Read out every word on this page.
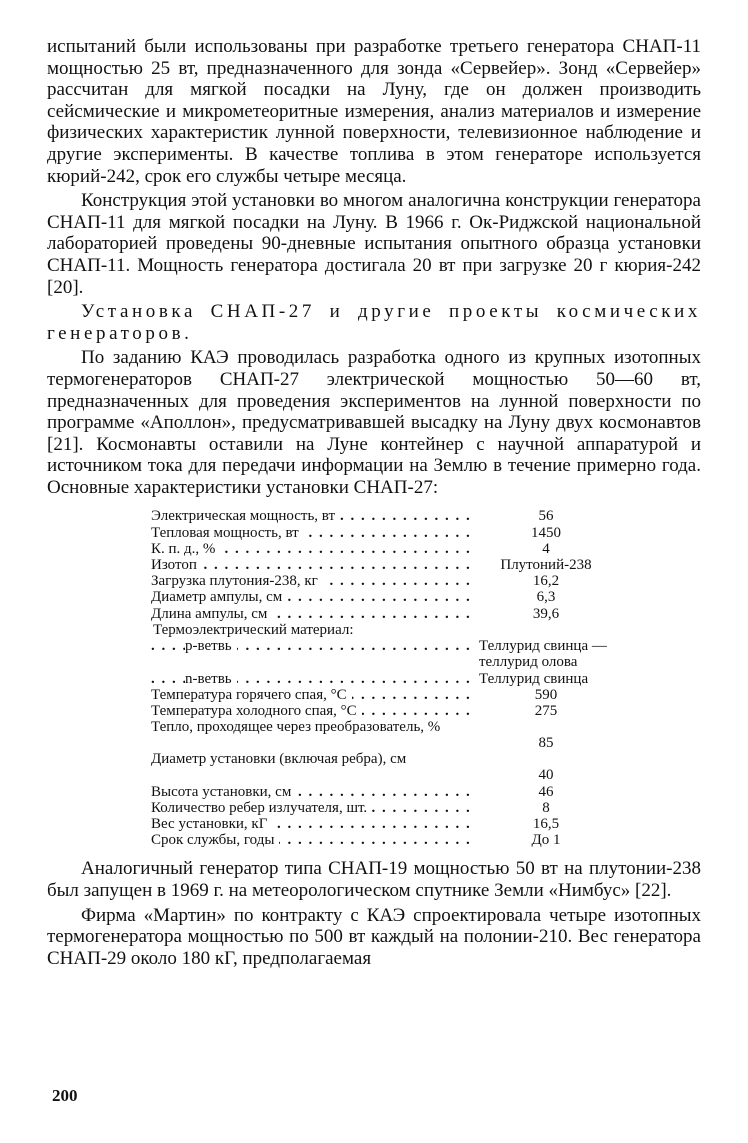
испытаний были использованы при разработке третьего генератора СНАП-11 мощностью 25 вт, предназначенного для зонда «Сервейер». Зонд «Сервейер» рассчитан для мягкой посадки на Луну, где он должен производить сейсмические и микрометеоритные измерения, анализ материалов и измерение физических характеристик лунной поверхности, телевизионное наблюдение и другие эксперименты. В качестве топлива в этом генераторе используется кюрий-242, срок его службы четыре месяца.

Конструкция этой установки во многом аналогична конструкции генератора СНАП-11 для мягкой посадки на Луну. В 1966 г. Ок-Риджской национальной лабораторией проведены 90-дневные испытания опытного образца установки СНАП-11. Мощность генератора достигала 20 вт при загрузке 20 г кюрия-242 [20].

Установка СНАП-27 и другие проекты космических генераторов.

По заданию КАЭ проводилась разработка одного из крупных изотопных термогенераторов СНАП-27 электрической мощностью 50—60 вт, предназначенных для проведения экспериментов на лунной поверхности по программе «Аполлон», предусматривавшей высадку на Луну двух космонавтов [21]. Космонавты оставили на Луне контейнер с научной аппаратурой и источником тока для передачи информации на Землю в течение примерно года. Основные характеристики установки СНАП-27:

Электрическая мощность, вт . . .	56
Тепловая мощность, вт . . .	1450
К. п. д., % . . .	4
Изотоп . . .	Плутоний-238
Загрузка плутония-238, кг . . .	16,2
Диаметр ампулы, см . . .	6,3
Длина ампулы, см . . .	39,6
Термоэлектрический материал:
p-ветвь . . .	Теллурид свинца — теллурид олова
n-ветвь . . .	Теллурид свинца
Температура горячего спая, °С . . .	590
Температура холодного спая, °С . . .	275
Тепло, проходящее через преобразователь, %
85
Диаметр установки (включая ребра), см
40
Высота установки, см . . .	46
Количество ребер излучателя, шт. . . .	8
Вес установки, кГ . . .	16,5
Срок службы, годы . . .	До 1

Аналогичный генератор типа СНАП-19 мощностью 50 вт на плутонии-238 был запущен в 1969 г. на метеорологическом спутнике Земли «Нимбус» [22].

Фирма «Мартин» по контракту с КАЭ спроектировала четыре изотопных термогенератора мощностью по 500 вт каждый на полонии-210. Вес генератора СНАП-29 около 180 кГ, предполагаемая

200
